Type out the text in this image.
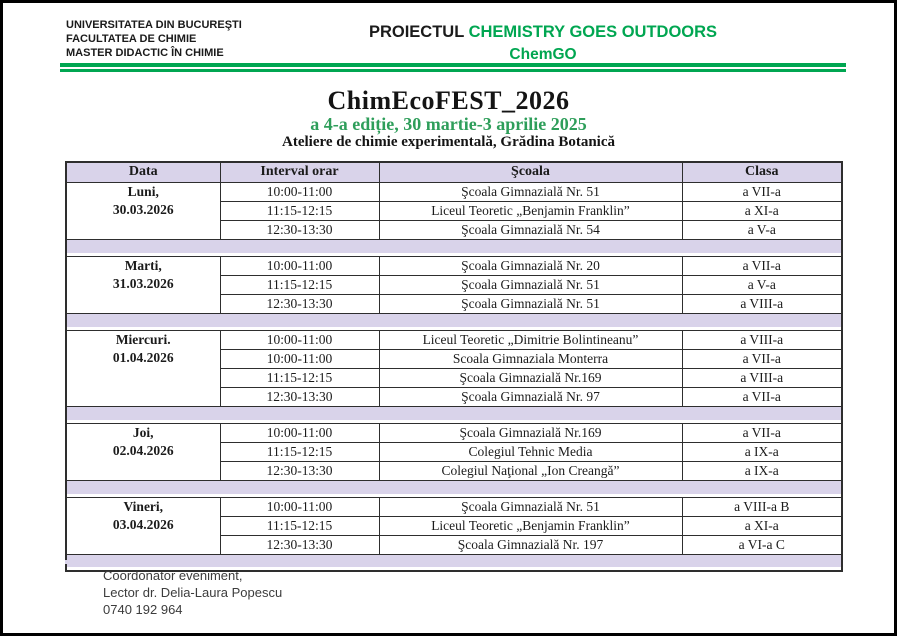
UNIVERSITATEA DIN BUCUREŞTI
FACULTATEA DE CHIMIE
MASTER DIDACTIC ÎN CHIMIE
PROIECTUL CHEMISTRY GOES OUTDOORS
ChemGO
ChimEcoFEST_2026
a 4-a ediție, 30 martie-3 aprilie 2025
Ateliere de chimie experimentală, Grădina Botanică
Data	Interval orar	Şcoala	Clasa

Luni,
30.03.2026	10:00-11:00	Şcoala Gimnazială Nr. 51	a VII-a
	11:15-12:15	Liceul Teoretic „Benjamin Franklin”	a XI-a
	12:30-13:30	Şcoala Gimnazială Nr. 54	a V-a

Marti,
31.03.2026	10:00-11:00	Şcoala Gimnazială Nr. 20	a VII-a
	11:15-12:15	Şcoala Gimnazială Nr. 51	a V-a
	12:30-13:30	Şcoala Gimnazială Nr. 51	a VIII-a

Miercuri.
01.04.2026	10:00-11:00	Liceul Teoretic „Dimitrie Bolintineanu”	a VIII-a
	10:00-11:00	Scoala Gimnaziala Monterra	a VII-a
	11:15-12:15	Şcoala Gimnazială Nr.169	a VIII-a
	12:30-13:30	Şcoala Gimnazială Nr. 97	a VII-a

Joi,
02.04.2026	10:00-11:00	Şcoala Gimnazială Nr.169	a VII-a
	11:15-12:15	Colegiul Tehnic Media	a IX-a
	12:30-13:30	Colegiul Naţional „Ion Creangă”	a IX-a

Vineri,
03.04.2026	10:00-11:00	Şcoala Gimnazială Nr. 51	a VIII-a B
	11:15-12:15	Liceul Teoretic „Benjamin Franklin”	a XI-a
	12:30-13:30	Şcoala Gimnazială Nr. 197	a VI-a C

Coordonator eveniment,
Lector dr. Delia-Laura Popescu
0740 192 964
